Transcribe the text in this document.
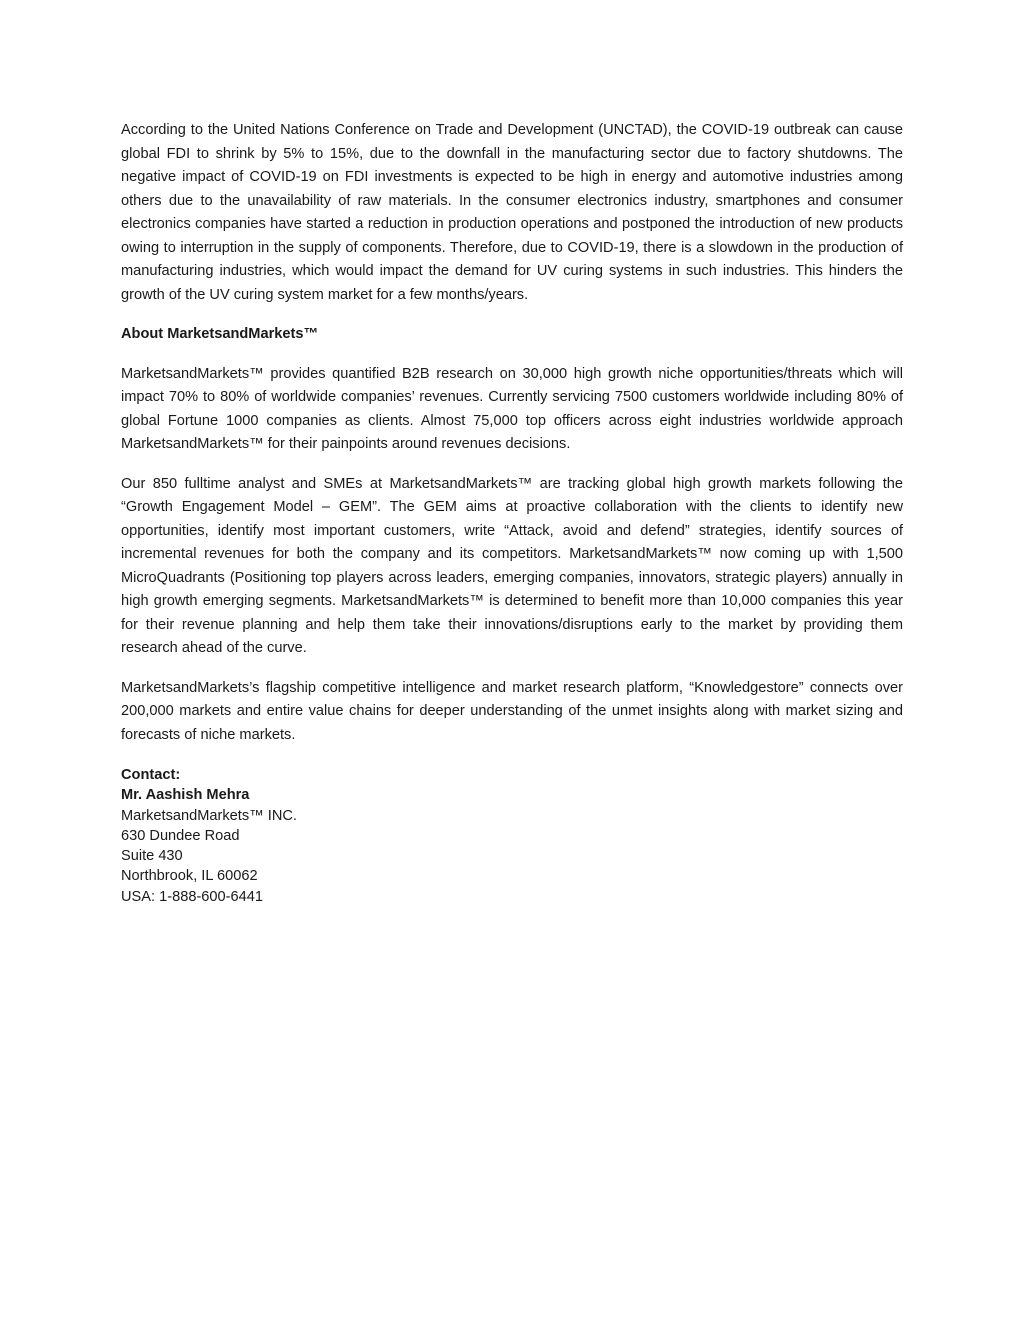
According to the United Nations Conference on Trade and Development (UNCTAD), the COVID-19 outbreak can cause global FDI to shrink by 5% to 15%, due to the downfall in the manufacturing sector due to factory shutdowns. The negative impact of COVID-19 on FDI investments is expected to be high in energy and automotive industries among others due to the unavailability of raw materials. In the consumer electronics industry, smartphones and consumer electronics companies have started a reduction in production operations and postponed the introduction of new products owing to interruption in the supply of components. Therefore, due to COVID-19, there is a slowdown in the production of manufacturing industries, which would impact the demand for UV curing systems in such industries. This hinders the growth of the UV curing system market for a few months/years.

About MarketsandMarkets™

MarketsandMarkets™ provides quantified B2B research on 30,000 high growth niche opportunities/threats which will impact 70% to 80% of worldwide companies’ revenues. Currently servicing 7500 customers worldwide including 80% of global Fortune 1000 companies as clients. Almost 75,000 top officers across eight industries worldwide approach MarketsandMarkets™ for their painpoints around revenues decisions.

Our 850 fulltime analyst and SMEs at MarketsandMarkets™ are tracking global high growth markets following the “Growth Engagement Model – GEM”. The GEM aims at proactive collaboration with the clients to identify new opportunities, identify most important customers, write “Attack, avoid and defend” strategies, identify sources of incremental revenues for both the company and its competitors. MarketsandMarkets™ now coming up with 1,500 MicroQuadrants (Positioning top players across leaders, emerging companies, innovators, strategic players) annually in high growth emerging segments. MarketsandMarkets™ is determined to benefit more than 10,000 companies this year for their revenue planning and help them take their innovations/disruptions early to the market by providing them research ahead of the curve.

MarketsandMarkets’s flagship competitive intelligence and market research platform, “Knowledgestore” connects over 200,000 markets and entire value chains for deeper understanding of the unmet insights along with market sizing and forecasts of niche markets.

Contact:
Mr. Aashish Mehra
MarketsandMarkets™ INC.
630 Dundee Road
Suite 430
Northbrook, IL 60062
USA: 1-888-600-6441
